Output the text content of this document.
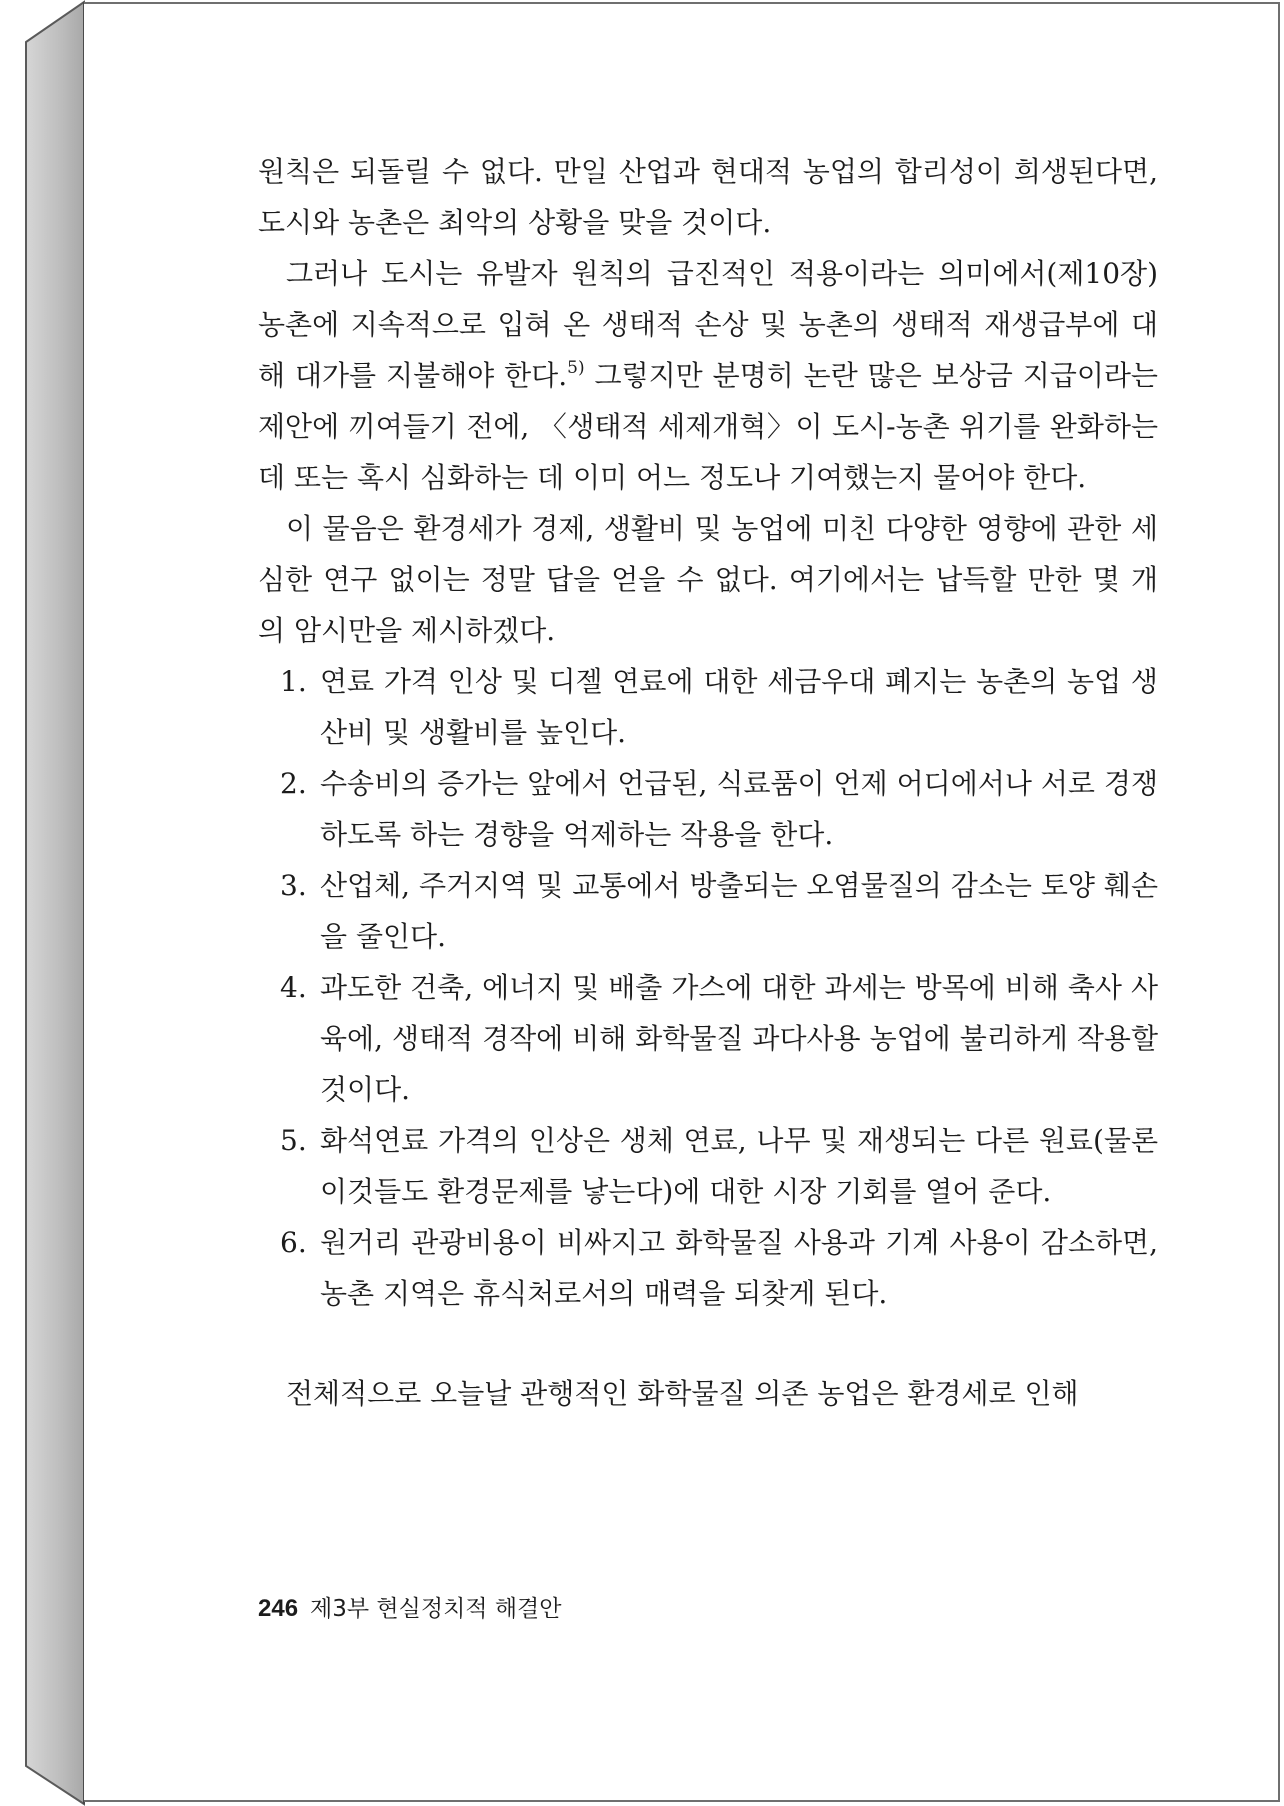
원칙은 되돌릴 수 없다. 만일 산업과 현대적 농업의 합리성이 희생된다면, 도시와 농촌은 최악의 상황을 맞을 것이다.

그러나 도시는 유발자 원칙의 급진적인 적용이라는 의미에서(제10장) 농촌에 지속적으로 입혀 온 생태적 손상 및 농촌의 생태적 재생급부에 대해 대가를 지불해야 한다.$^{5)}$ 그렇지만 분명히 논란 많은 보상금 지급이라는 제안에 끼여들기 전에, 〈생태적 세제개혁〉이 도시-농촌 위기를 완화하는 데 또는 혹시 심화하는 데 이미 어느 정도나 기여했는지 물어야 한다.

이 물음은 환경세가 경제, 생활비 및 농업에 미친 다양한 영향에 관한 세심한 연구 없이는 정말 답을 얻을 수 없다. 여기에서는 납득할 만한 몇 개의 암시만을 제시하겠다.

1. 연료 가격 인상 및 디젤 연료에 대한 세금우대 폐지는 농촌의 농업 생산비 및 생활비를 높인다.
2. 수송비의 증가는 앞에서 언급된, 식료품이 언제 어디에서나 서로 경쟁하도록 하는 경향을 억제하는 작용을 한다.
3. 산업체, 주거지역 및 교통에서 방출되는 오염물질의 감소는 토양 훼손을 줄인다.
4. 과도한 건축, 에너지 및 배출 가스에 대한 과세는 방목에 비해 축사 사육에, 생태적 경작에 비해 화학물질 과다사용 농업에 불리하게 작용할 것이다.
5. 화석연료 가격의 인상은 생체 연료, 나무 및 재생되는 다른 원료(물론 이것들도 환경문제를 낳는다)에 대한 시장 기회를 열어 준다.
6. 원거리 관광비용이 비싸지고 화학물질 사용과 기계 사용이 감소하면, 농촌 지역은 휴식처로서의 매력을 되찾게 된다.

전체적으로 오늘날 관행적인 화학물질 의존 농업은 환경세로 인해

246 제3부 현실정치적 해결안
